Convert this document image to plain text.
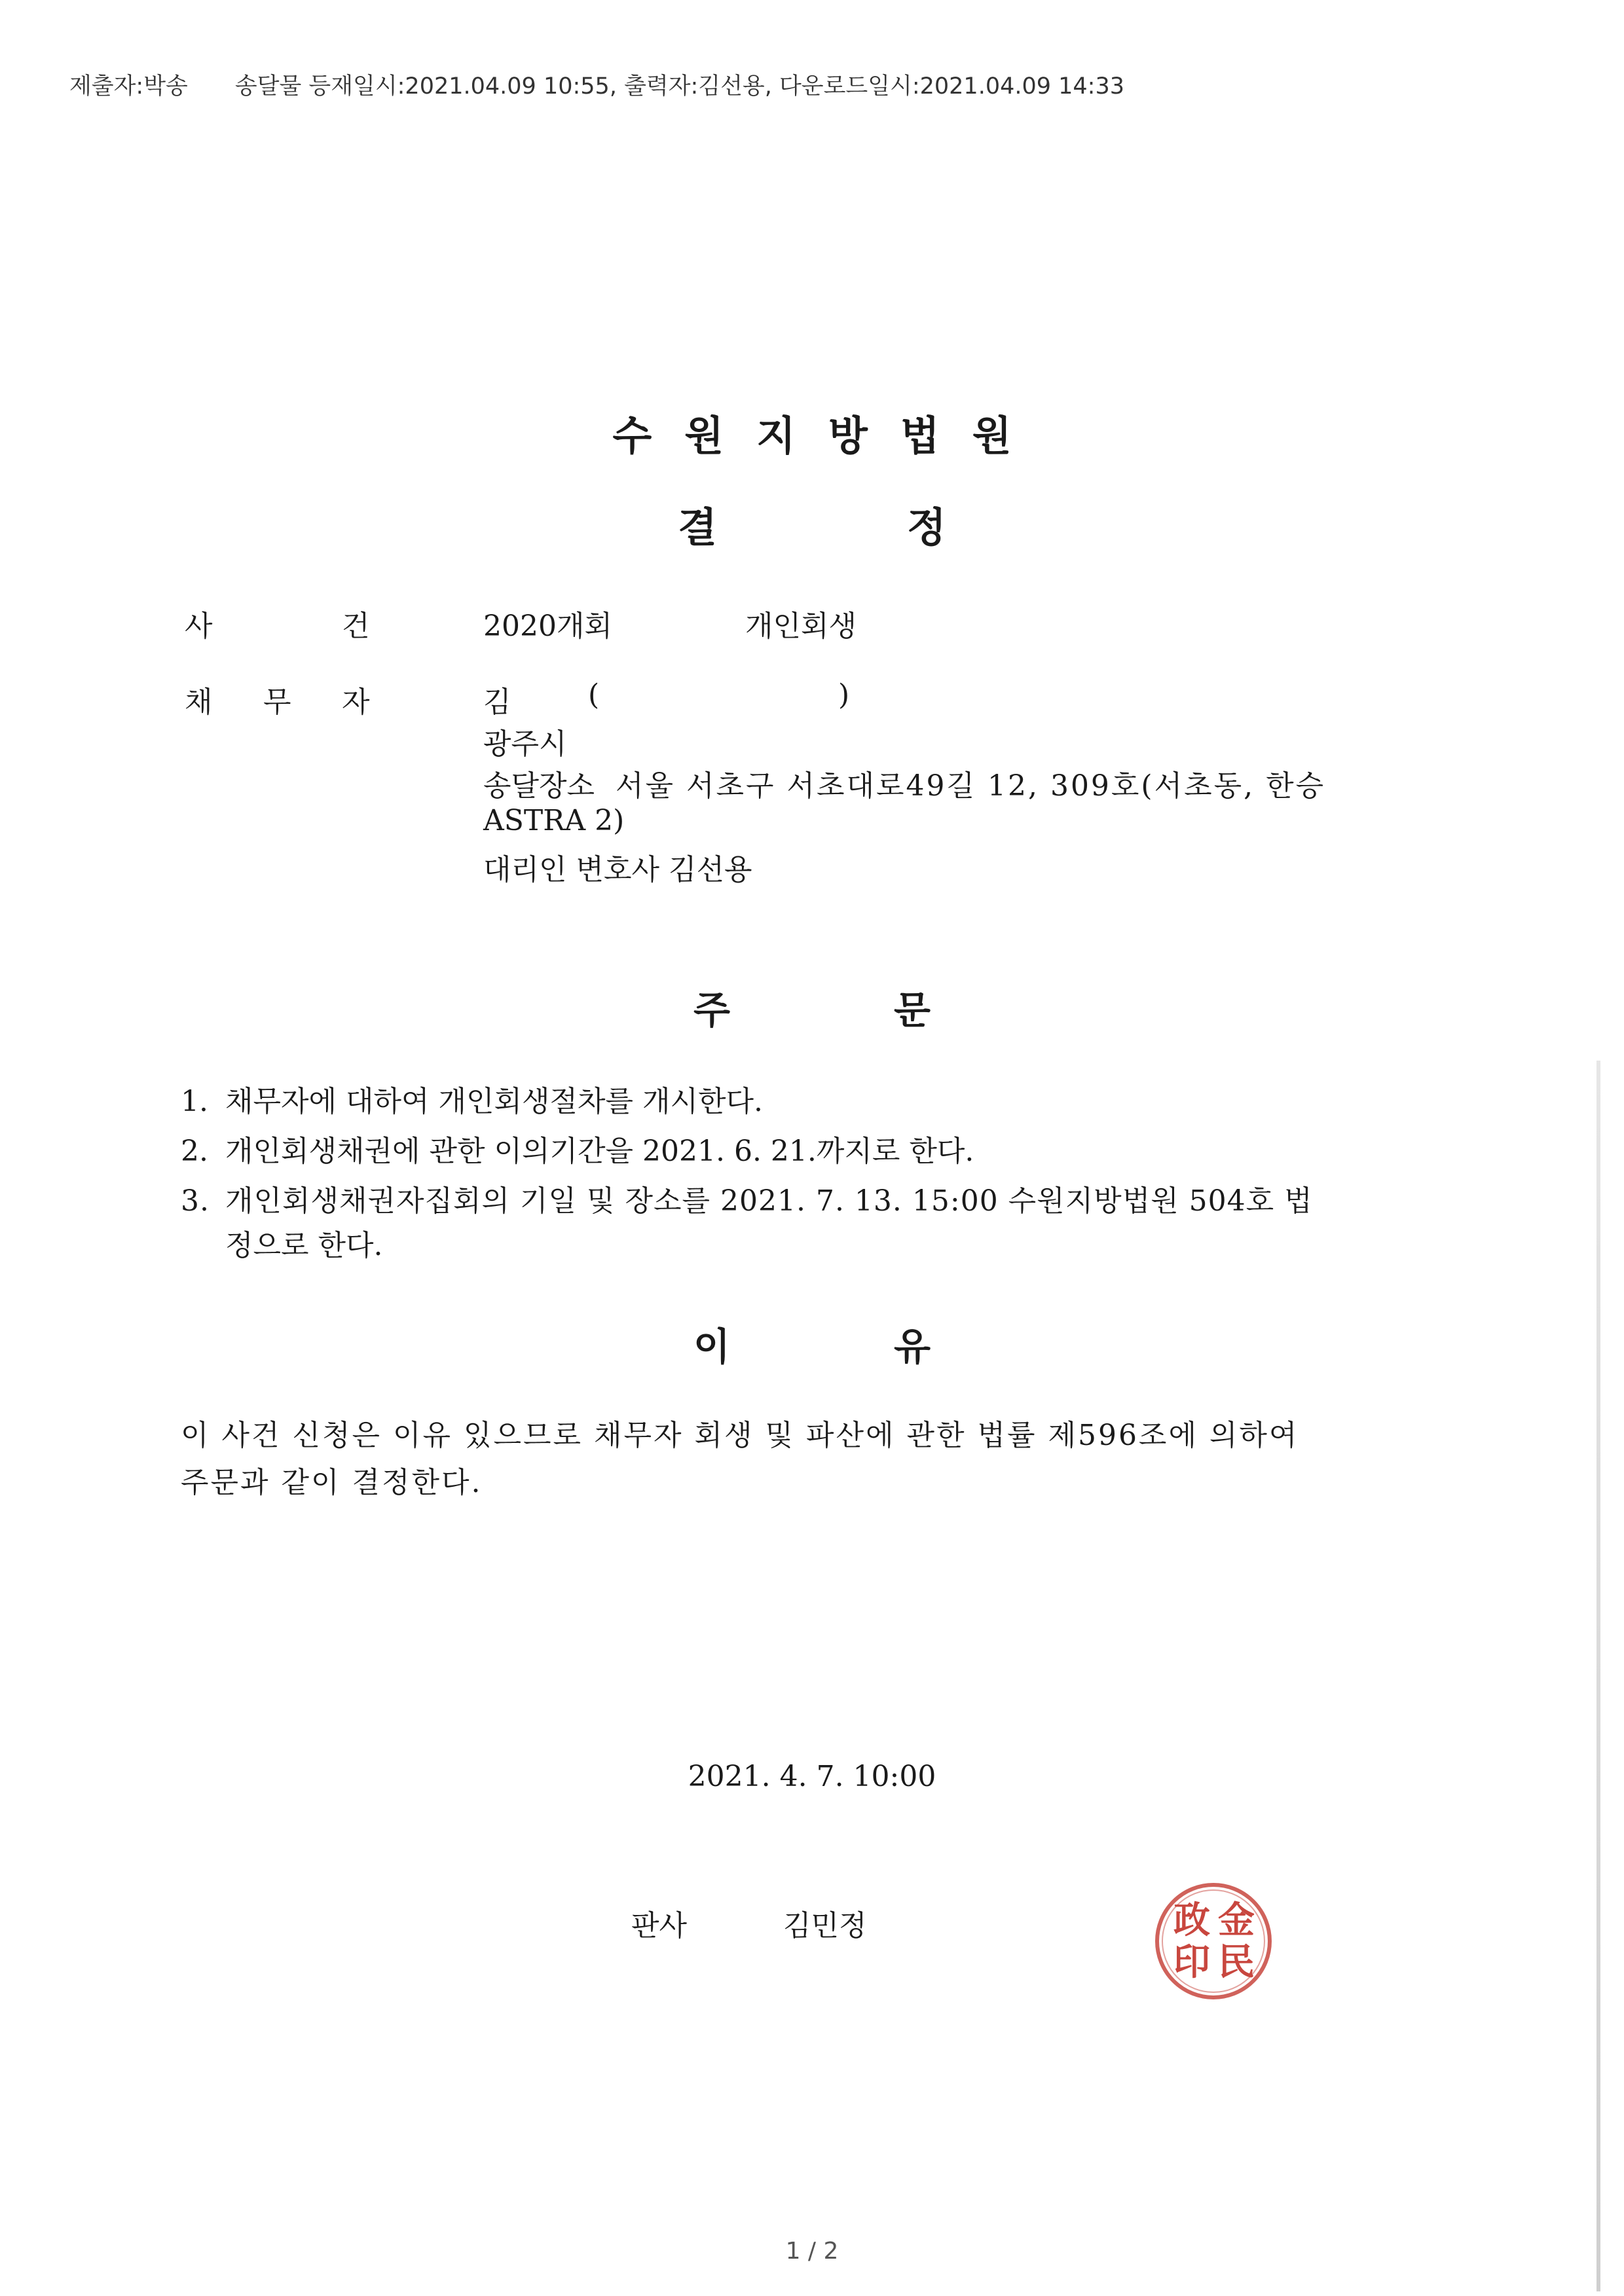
제출자:박송 송달물 등재일시:2021.04.09 10:55, 출력자:김선용, 다운로드일시:2021.04.09 14:33
수원지방법원
결	정
사	건	2020개회	개인회생
채 무 자	김	(	)
광주시
송달장소 서울 서초구 서초대로49길 12, 309호(서초동, 한승
ASTRA 2)
대리인 변호사 김선용
주	문
1. 채무자에 대하여 개인회생절차를 개시한다.
2. 개인회생채권에 관한 이의기간을 2021. 6. 21.까지로 한다.
3. 개인회생채권자집회의 기일 및 장소를 2021. 7. 13. 15:00 수원지방법원 504호 법
정으로 한다.
이	유
이 사건 신청은 이유 있으므로 채무자 회생 및 파산에 관한 법률 제596조에 의하여
주문과 같이 결정한다.
2021. 4. 7. 10:00
판사	김민정	金
民
政
印
1 / 2
